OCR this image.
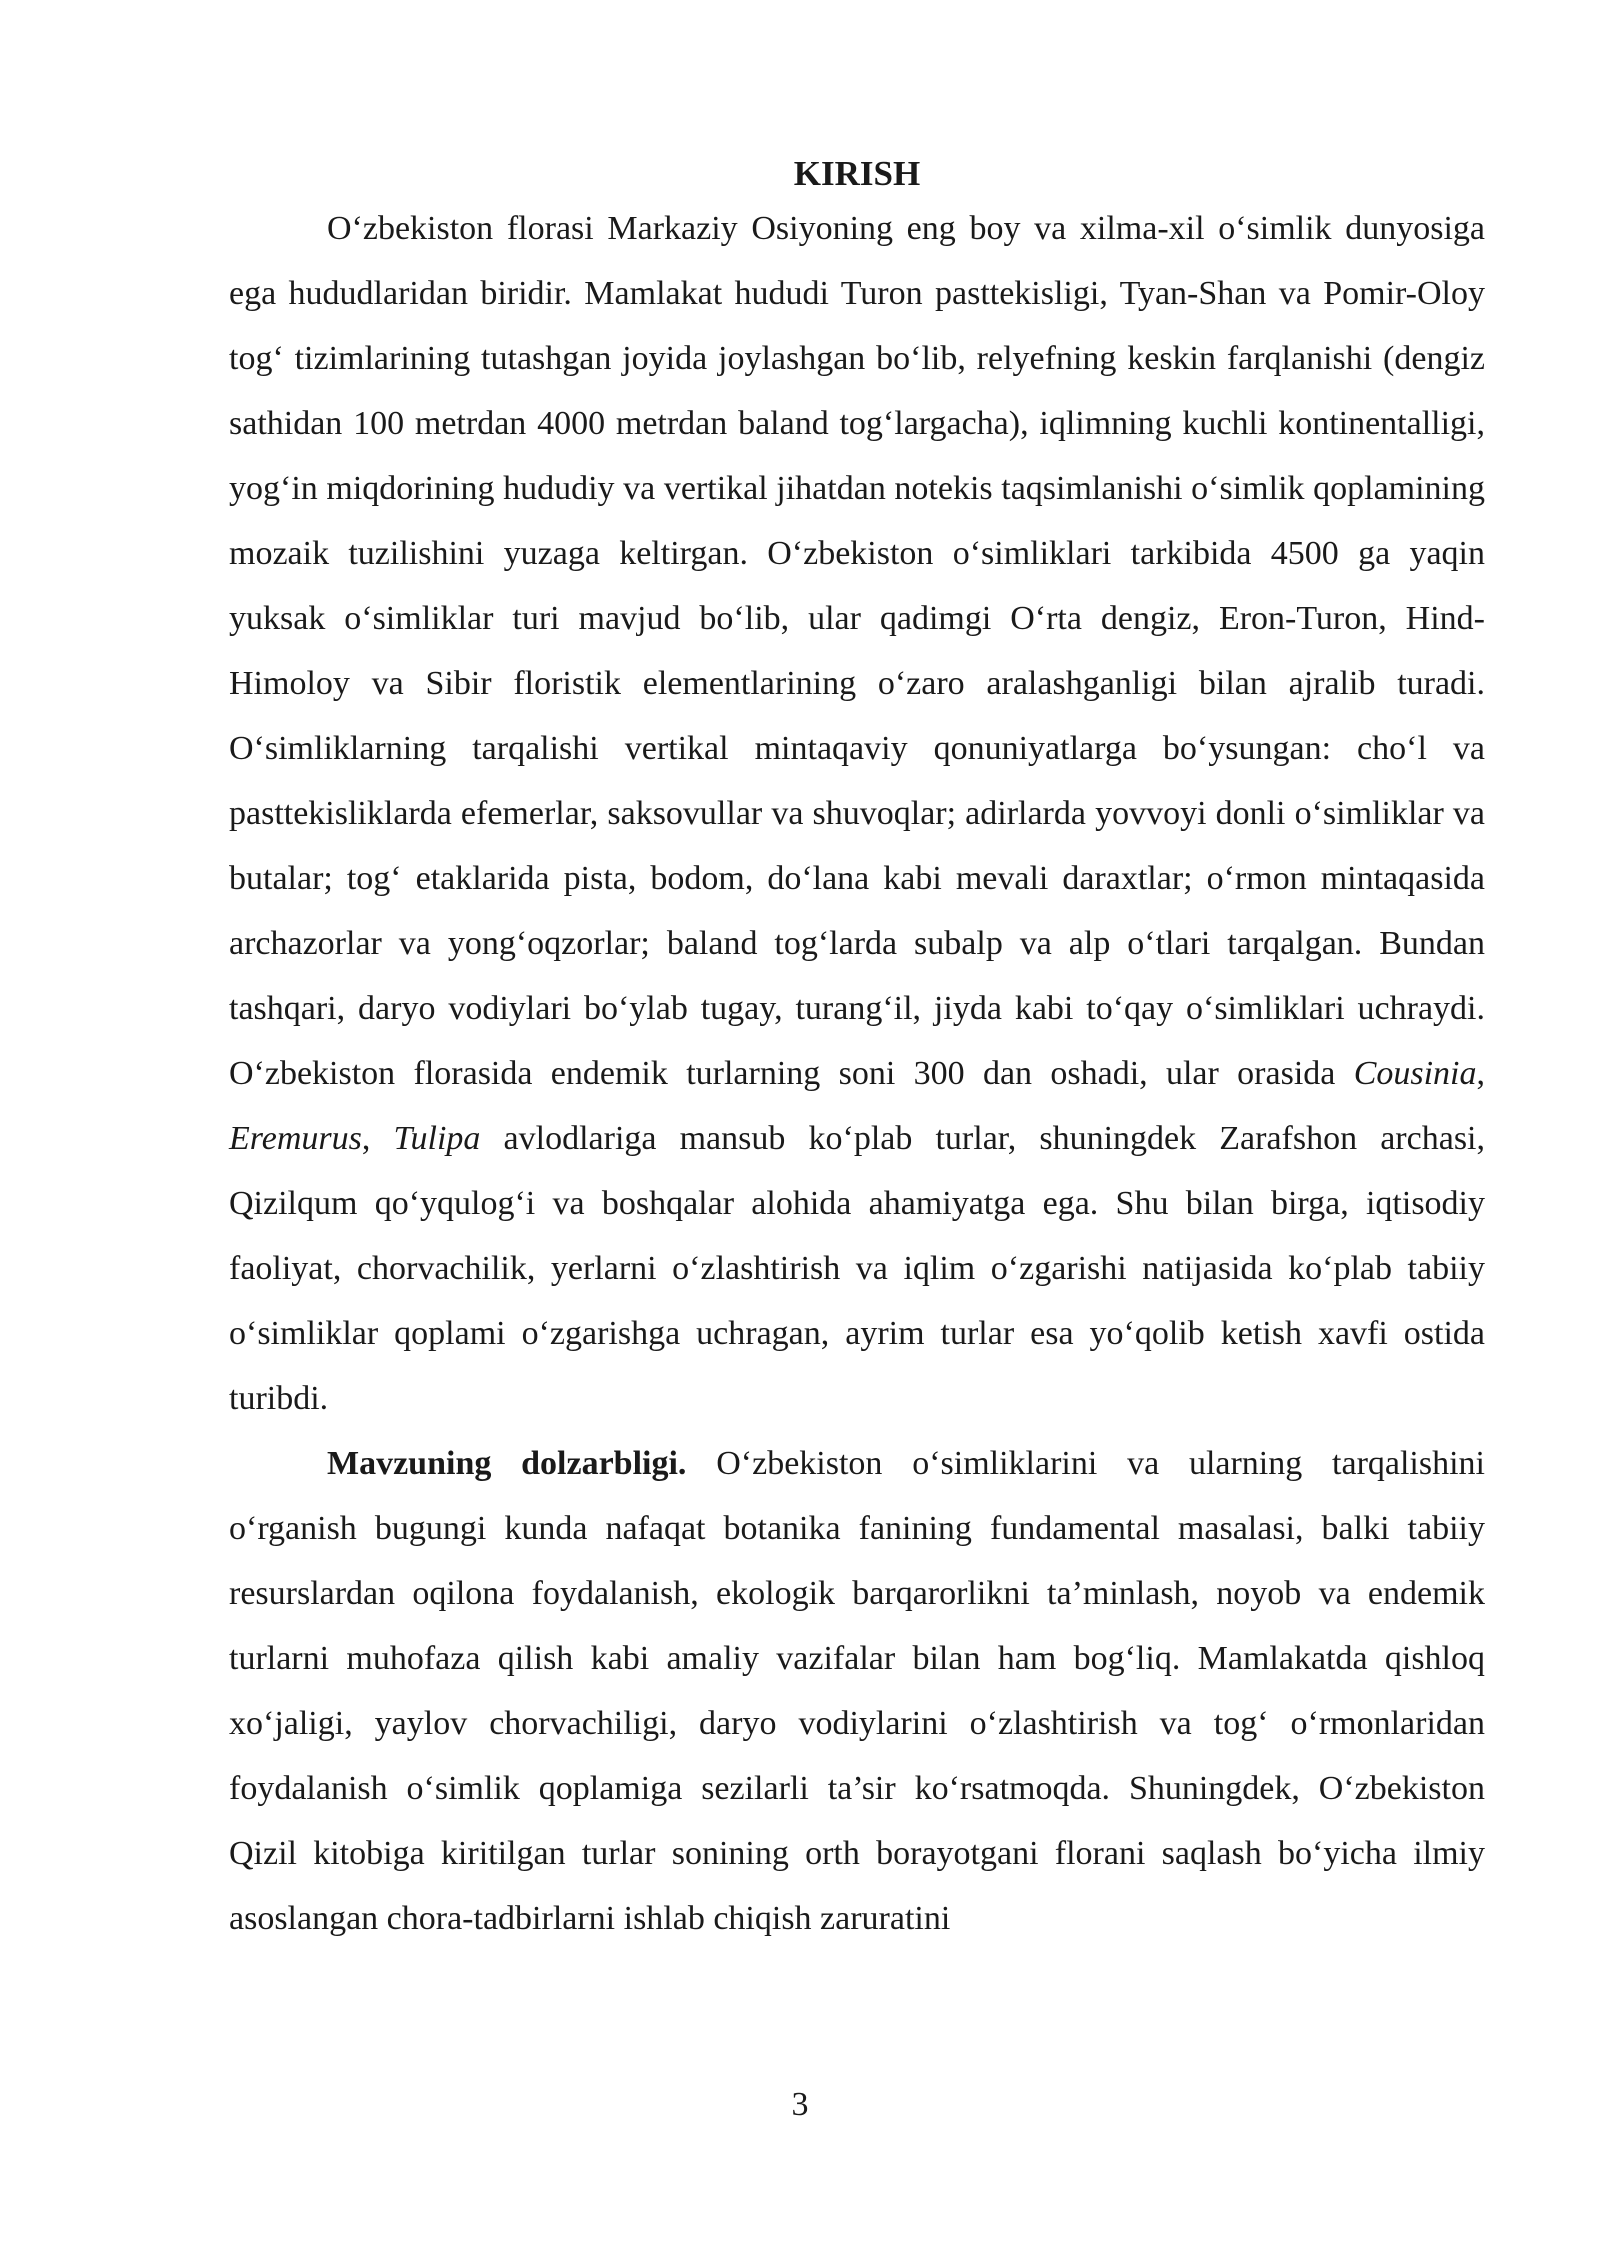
KIRISH

O‘zbekiston florasi Markaziy Osiyoning eng boy va xilma-xil o‘simlik dunyosiga ega hududlaridan biridir. Mamlakat hududi Turon pasttekisligi, Tyan-Shan va Pomir-Oloy tog‘ tizimlarining tutashgan joyida joylashgan bo‘lib, relyefning keskin farqlanishi (dengiz sathidan 100 metrdan 4000 metrdan baland tog‘largacha), iqlimning kuchli kontinentalligi, yog‘in miqdorining hududiy va vertikal jihatdan notekis taqsimlanishi o‘simlik qoplamining mozaik tuzilishini yuzaga keltirgan. O‘zbekiston o‘simliklari tarkibida 4500 ga yaqin yuksak o‘simliklar turi mavjud bo‘lib, ular qadimgi O‘rta dengiz, Eron-Turon, Hind-Himoloy va Sibir floristik elementlarining o‘zaro aralashganligi bilan ajralib turadi. O‘simliklarning tarqalishi vertikal mintaqaviy qonuniyatlarga bo‘ysungan: cho‘l va pasttekisliklarda efemerlar, saksovullar va shuvoqlar; adirlarda yovvoyi donli o‘simliklar va butalar; tog‘ etaklarida pista, bodom, do‘lana kabi mevali daraxtlar; o‘rmon mintaqasida archazorlar va yong‘oqzorlar; baland tog‘larda subalp va alp o‘tlari tarqalgan. Bundan tashqari, daryo vodiylari bo‘ylab tugay, turang‘il, jiyda kabi to‘qay o‘simliklari uchraydi. O‘zbekiston florasida endemik turlarning soni 300 dan oshadi, ular orasida Cousinia, Eremurus, Tulipa avlodlariga mansub ko‘plab turlar, shuningdek Zarafshon archasi, Qizilqum qo‘yqulog‘i va boshqalar alohida ahamiyatga ega. Shu bilan birga, iqtisodiy faoliyat, chorvachilik, yerlarni o‘zlashtirish va iqlim o‘zgarishi natijasida ko‘plab tabiiy o‘simliklar qoplami o‘zgarishga uchragan, ayrim turlar esa yo‘qolib ketish xavfi ostida turibdi.

Mavzuning dolzarbligi. O‘zbekiston o‘simliklarini va ularning tarqalishini o‘rganish bugungi kunda nafaqat botanika fanining fundamental masalasi, balki tabiiy resurslardan oqilona foydalanish, ekologik barqarorlikni ta’minlash, noyob va endemik turlarni muhofaza qilish kabi amaliy vazifalar bilan ham bog‘liq. Mamlakatda qishloq xo‘jaligi, yaylov chorvachiligi, daryo vodiylarini o‘zlashtirish va tog‘ o‘rmonlaridan foydalanish o‘simlik qoplamiga sezilarli ta’sir ko‘rsatmoqda. Shuningdek, O‘zbekiston Qizil kitobiga kiritilgan turlar sonining orth borayotgani florani saqlash bo‘yicha ilmiy asoslangan chora-tadbirlarni ishlab chiqish zaruratini

3
